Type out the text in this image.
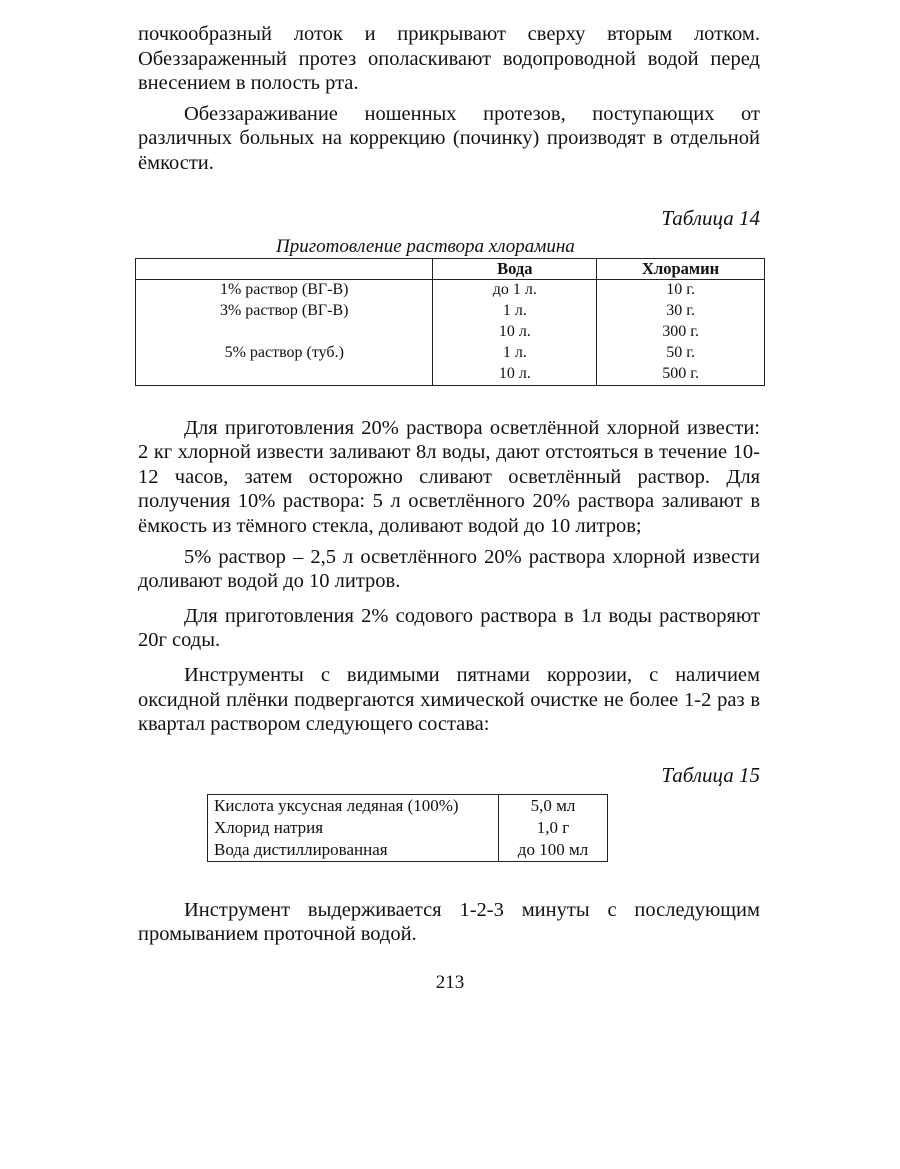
почкообразный лоток и прикрывают сверху вторым лотком. Обеззараженный протез ополаскивают водопроводной водой перед внесением в полость рта.

Обеззараживание ношенных протезов, поступающих от различных больных на коррекцию (починку) производят в отдельной ёмкости.

Таблица 14
Приготовление раствора хлорамина
	Вода	Хлорамин
1% раствор (ВГ-В)	до 1 л.	10 г.
3% раствор (ВГ-В)	1 л.	30 г.
	10 л.	300 г.
5% раствор (туб.)	1 л.	50 г.
	10 л.	500 г.

Для приготовления 20% раствора осветлённой хлорной извести: 2 кг хлорной извести заливают 8л воды, дают отстояться в течение 10-12 часов, затем осторожно сливают осветлённый раствор. Для получения 10% раствора: 5 л осветлённого 20% раствора заливают в ёмкость из тёмного стекла, доливают водой до 10 литров;

5% раствор – 2,5 л осветлённого 20% раствора хлорной извести доливают водой до 10 литров.

Для приготовления 2% содового раствора в 1л воды растворяют 20г соды.

Инструменты с видимыми пятнами коррозии, с наличием оксидной плёнки подвергаются химической очистке не более 1-2 раз в квартал раствором следующего состава:

Таблица 15
Кислота уксусная ледяная (100%)	5,0 мл
Хлорид натрия	1,0 г
Вода дистиллированная	до 100 мл

Инструмент выдерживается 1-2-3 минуты с последующим промыванием проточной водой.

213
